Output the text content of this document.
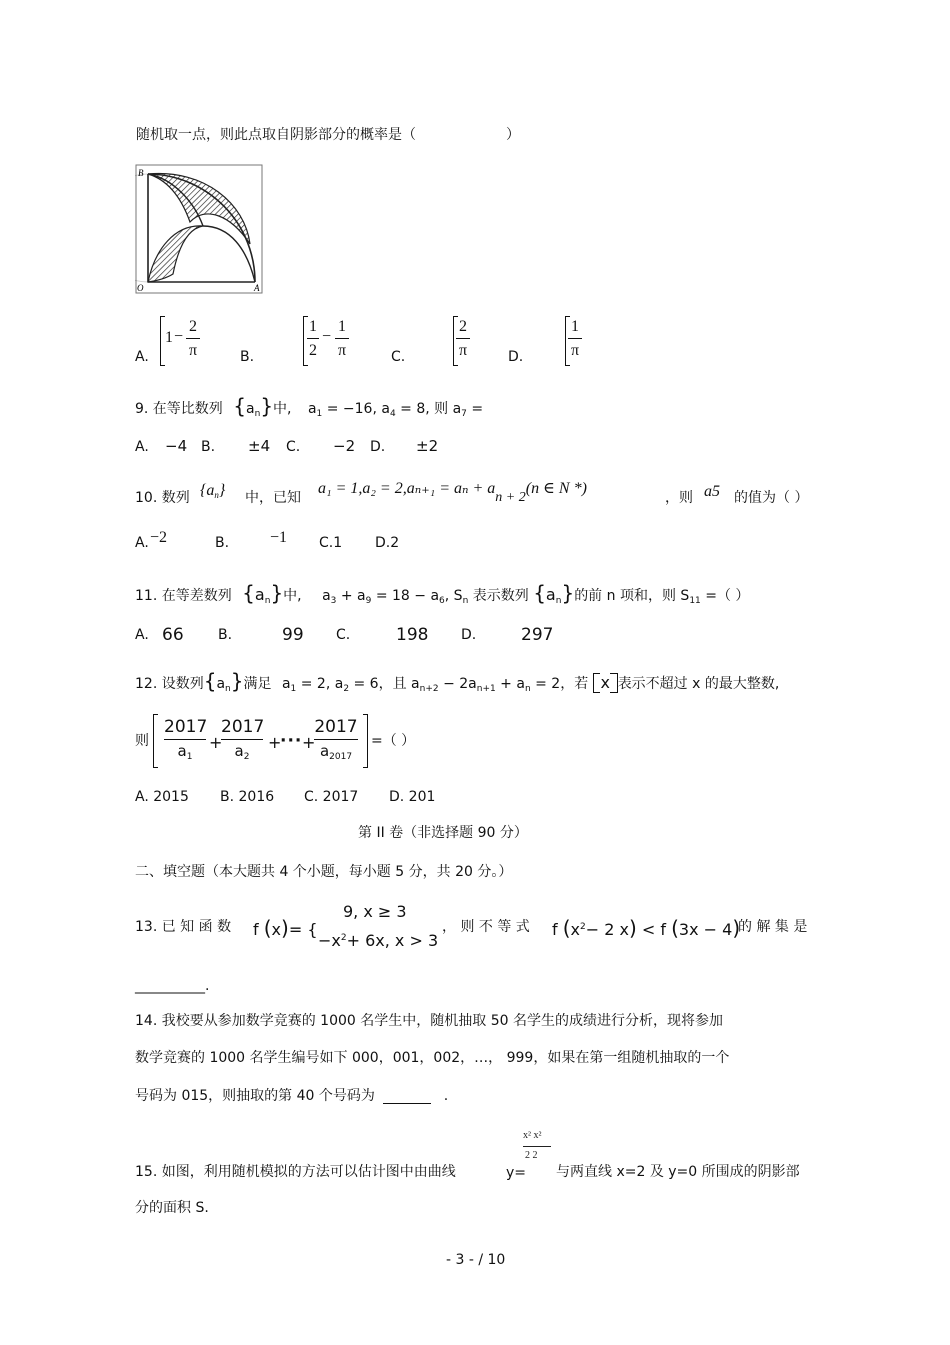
随机取一点，则此点取自阴影部分的概率是（	）
B
O	A
A.
1 −
2
π	B.
1
2
−
1
π	C.
2
π	D.
1
π
9. 在等比数列 $\{a_n\}$中, $a_1 = -16$, $a_4 = 8$, 则 $a_7$ =
A. −4 B. ±4 C. −2 D. ±2
10. 数列 $\{a_n\}$ 中，已知
a₁ = 1,a₂ = 2,aₙ₊₁ = aₙ + an + 2(n ∈ N *)
，则 a5 的值为（ ）
A. −2	B.	−1 C.1 D.2
11. 在等差数列 $\{a_n\}$中, $a_3 + a_9 = 18 - a_6$, $S_n$ 表示数列 $\{a_n\}$的前 n 项和，则 $S_{11}$ =（ ）
A. 66 B.	99 C.	198 D.	297
12. 设数列$\{a_n\}$满足 $a_1 = 2$, $a_2 = 6$，且 $a_{n+2} - 2a_{n+1} + a_n = 2$，若 x 表示不超过 x 的最大整数,
则
2017
$a_1$
+
2017
$a_2$
+
··· +
2017
$a_{2017}$
=（ ）
A. 2015 B. 2016 C. 2017 D. 201
第 II 卷（非选择题 90 分）
二、填空题（本大题共 4 个小题，每小题 5 分，共 20 分。）
13. 已 知 函 数 f (x)= {
9, x ≥ 3
$-x^2+ 6x$, x > 3
， 则 不 等 式 f ($x^2- 2$ x) < f (3x − 4)
的 解 集 是
__________.
14. 我校要从参加数学竞赛的 1000 名学生中，随机抽取 50 名学生的成绩进行分析，现将参加
数学竞赛的 1000 名学生编号如下 000，001，002，…， 999，如果在第一组随机抽取的一个
号码为 015，则抽取的第 40 个号码为	.
15. 如图，利用随机模拟的方法可以估计图中由曲线	y=
x² x²
2 2
与两直线 x=2 及 y=0 所围成的阴影部
分的面积 S.
- 3 - / 10
